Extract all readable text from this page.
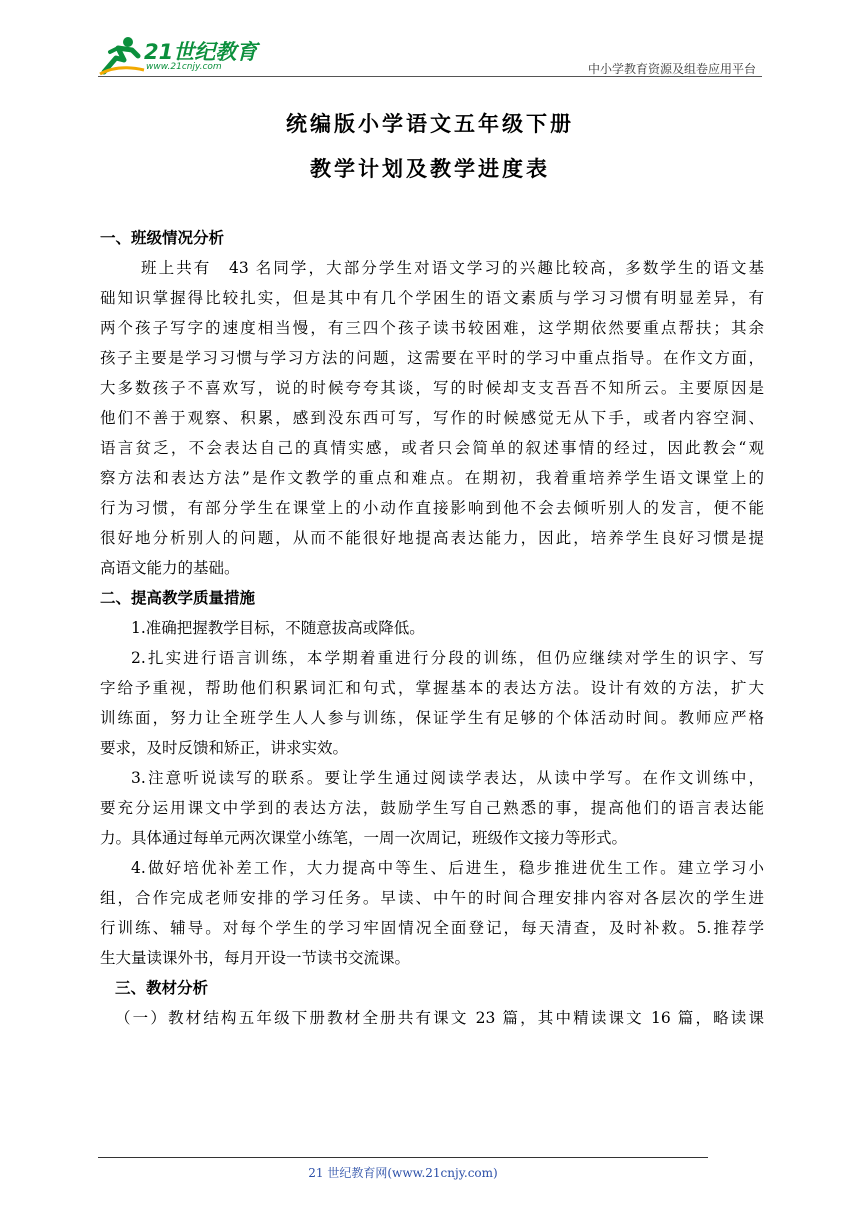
21世纪教育
www.21cnjy.com	中小学教育资源及组卷应用平台
统编版小学语文五年级下册
教学计划及教学进度表
一、班级情况分析
班上共有　43 名同学，大部分学生对语文学习的兴趣比较高，多数学生的语文基
础知识掌握得比较扎实，但是其中有几个学困生的语文素质与学习习惯有明显差异，有
两个孩子写字的速度相当慢，有三四个孩子读书较困难，这学期依然要重点帮扶；其余
孩子主要是学习习惯与学习方法的问题，这需要在平时的学习中重点指导。在作文方面，
大多数孩子不喜欢写，说的时候夸夸其谈，写的时候却支支吾吾不知所云。主要原因是
他们不善于观察、积累，感到没东西可写，写作的时候感觉无从下手，或者内容空洞、
语言贫乏，不会表达自己的真情实感，或者只会简单的叙述事情的经过，因此教会“观
察方法和表达方法”是作文教学的重点和难点。在期初，我着重培养学生语文课堂上的
行为习惯，有部分学生在课堂上的小动作直接影响到他不会去倾听别人的发言，便不能
很好地分析别人的问题，从而不能很好地提高表达能力，因此，培养学生良好习惯是提
高语文能力的基础。
二、提高教学质量措施
1.准确把握教学目标，不随意拔高或降低。
2.扎实进行语言训练，本学期着重进行分段的训练，但仍应继续对学生的识字、写
字给予重视，帮助他们积累词汇和句式，掌握基本的表达方法。设计有效的方法，扩大
训练面，努力让全班学生人人参与训练，保证学生有足够的个体活动时间。教师应严格
要求，及时反馈和矫正，讲求实效。
3.注意听说读写的联系。要让学生通过阅读学表达，从读中学写。在作文训练中，
要充分运用课文中学到的表达方法，鼓励学生写自己熟悉的事，提高他们的语言表达能
力。具体通过每单元两次课堂小练笔，一周一次周记，班级作文接力等形式。
4.做好培优补差工作，大力提高中等生、后进生，稳步推进优生工作。建立学习小
组，合作完成老师安排的学习任务。早读、中午的时间合理安排内容对各层次的学生进
行训练、辅导。对每个学生的学习牢固情况全面登记，每天清查，及时补救。5.推荐学
生大量读课外书，每月开设一节读书交流课。
三、教材分析
（一）教材结构五年级下册教材全册共有课文 23 篇，其中精读课文 16 篇，略读课
21 世纪教育网(www.21cnjy.com)
